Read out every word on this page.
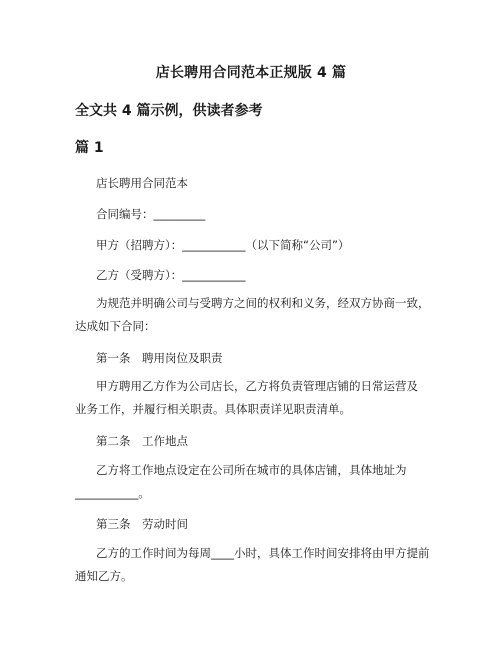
店长聘用合同范本正规版 4 篇
全文共 4 篇示例，供读者参考
篇 1

店长聘用合同范本

合同编号：_________

甲方（招聘方）：___________（以下简称“公司”）

乙方（受聘方）：___________

为规范并明确公司与受聘方之间的权利和义务，经双方协商一致，
达成如下合同：

第一条　聘用岗位及职责

甲方聘用乙方作为公司店长，乙方将负责管理店铺的日常运营及
业务工作，并履行相关职责。具体职责详见职责清单。

第二条　工作地点

乙方将工作地点设定在公司所在城市的具体店铺，具体地址为
___________。

第三条　劳动时间

乙方的工作时间为每周____小时，具体工作时间安排将由甲方提前
通知乙方。
